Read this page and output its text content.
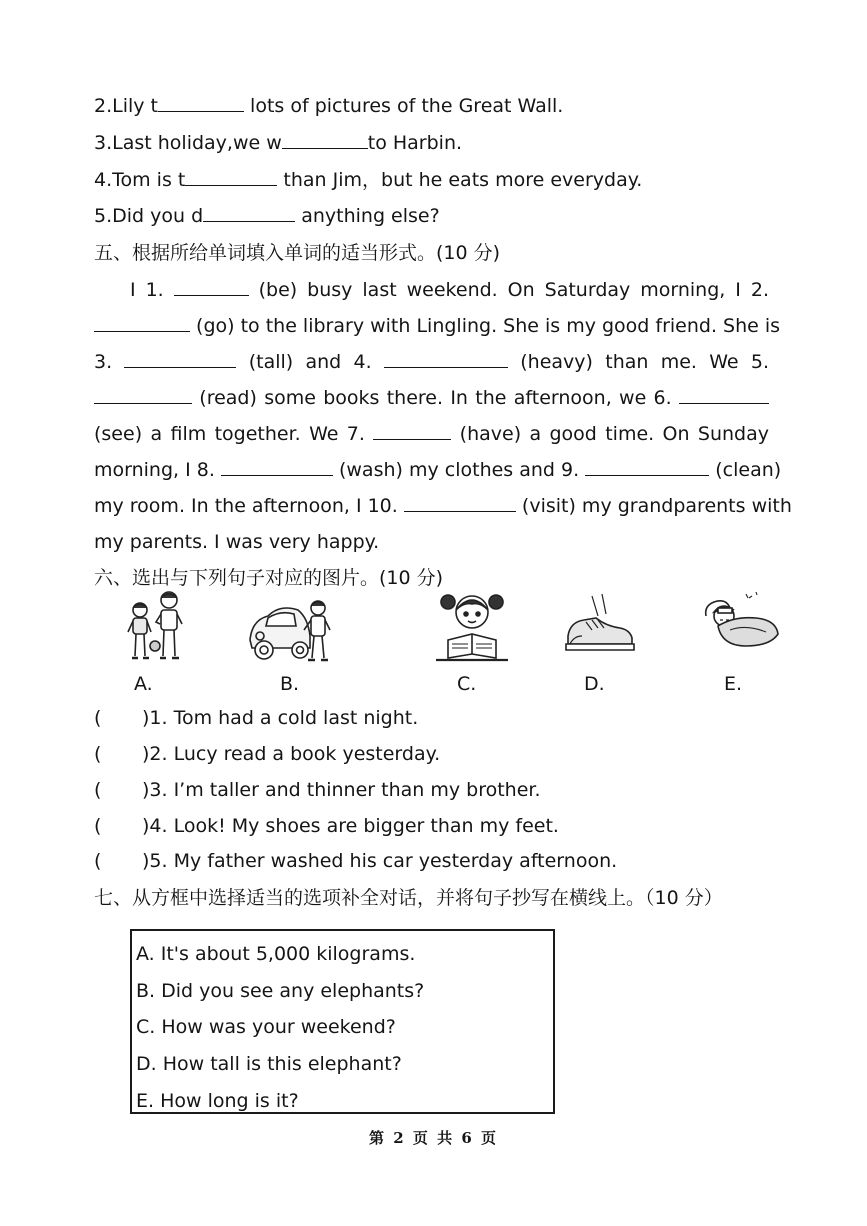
2.Lily t	lots of pictures of the Great Wall.
3.Last holiday,we w	to Harbin.
4.Tom is t	than Jim，but he eats more everyday.
5.Did you d	anything else?
五、根据所给单词填入单词的适当形式。(10 分)
I 1.	(be) busy last weekend. On Saturday morning, I 2.
(go) to the library with Lingling. She is my good friend. She is
3.	(tall) and 4.	(heavy) than me. We 5.
(read) some books there. In the afternoon, we 6.
(see) a film together. We 7.	(have) a good time. On Sunday
morning, I 8.	(wash) my clothes and 9.	(clean)
my room. In the afternoon, I 10.	(visit) my grandparents with
my parents. I was very happy.
六、选出与下列句子对应的图片。(10 分)
A.	B.	C.	D.	E.
( )1. Tom had a cold last night.
( )2. Lucy read a book yesterday.
( )3. I’m taller and thinner than my brother.
( )4. Look! My shoes are bigger than my feet.
( )5. My father washed his car yesterday afternoon.
七、从方框中选择适当的选项补全对话，并将句子抄写在横线上。（10 分）
A. It's about 5,000 kilograms.
B. Did you see any elephants?
C. How was your weekend?
D. How tall is this elephant?
E. How long is it?
第 2 页 共 6 页
